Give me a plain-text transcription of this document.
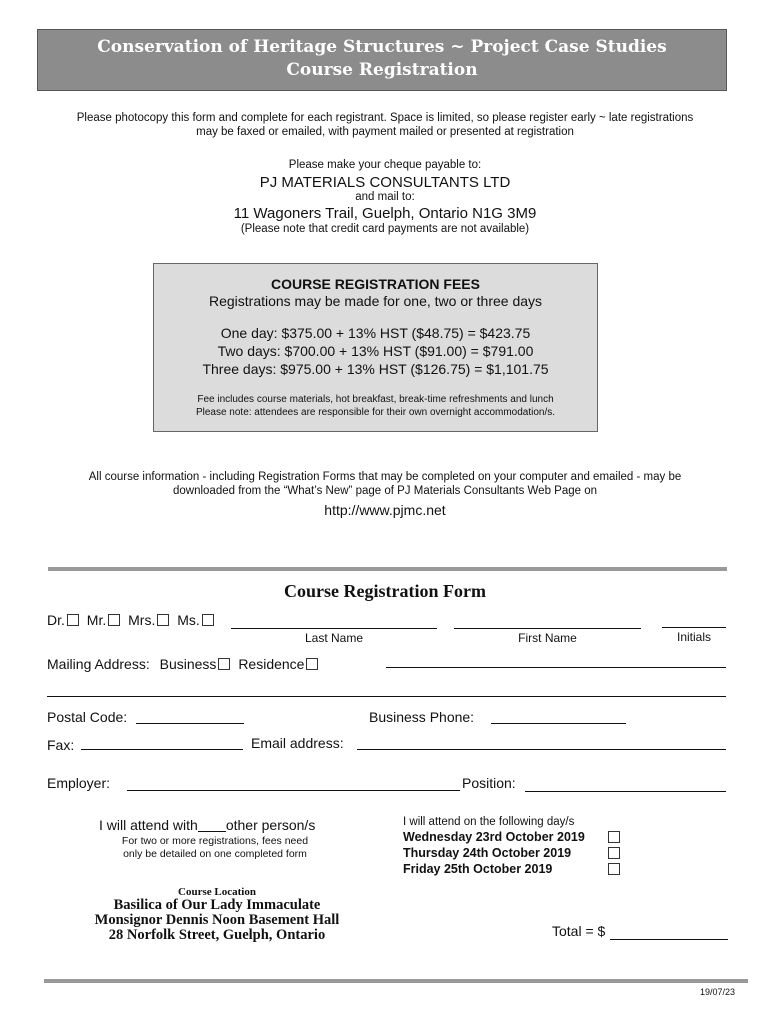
Conservation of Heritage Structures ~ Project Case Studies
Course Registration
Please photocopy this form and complete for each registrant. Space is limited, so please register early ~ late registrations
may be faxed or emailed, with payment mailed or presented at registration
Please make your cheque payable to:
PJ MATERIALS CONSULTANTS LTD
and mail to:
11 Wagoners Trail, Guelph, Ontario N1G 3M9
(Please note that credit card payments are not available)
COURSE REGISTRATION FEES
Registrations may be made for one, two or three days
One day: $375.00 + 13% HST ($48.75) = $423.75
Two days: $700.00 + 13% HST ($91.00) = $791.00
Three days: $975.00 + 13% HST ($126.75) = $1,101.75
Fee includes course materials, hot breakfast, break-time refreshments and lunch
Please note: attendees are responsible for their own overnight accommodation/s.
All course information - including Registration Forms that may be completed on your computer and emailed - may be
downloaded from the “What’s New” page of PJ Materials Consultants Web Page on
http://www.pjmc.net
Course Registration Form
Dr. Mr. Mrs. Ms.
Last Name	First Name	Initials
Mailing Address: Business Residence
Postal Code:	Business Phone:
Fax:	Email address:
Employer:	Position:
I will attend with other person/s
For two or more registrations, fees need
only be detailed on one completed form
I will attend on the following day/s
Wednesday 23rd October 2019
Thursday 24th October 2019
Friday 25th October 2019
Course Location
Basilica of Our Lady Immaculate
Monsignor Dennis Noon Basement Hall
28 Norfolk Street, Guelph, Ontario	Total = $
19/07/23
